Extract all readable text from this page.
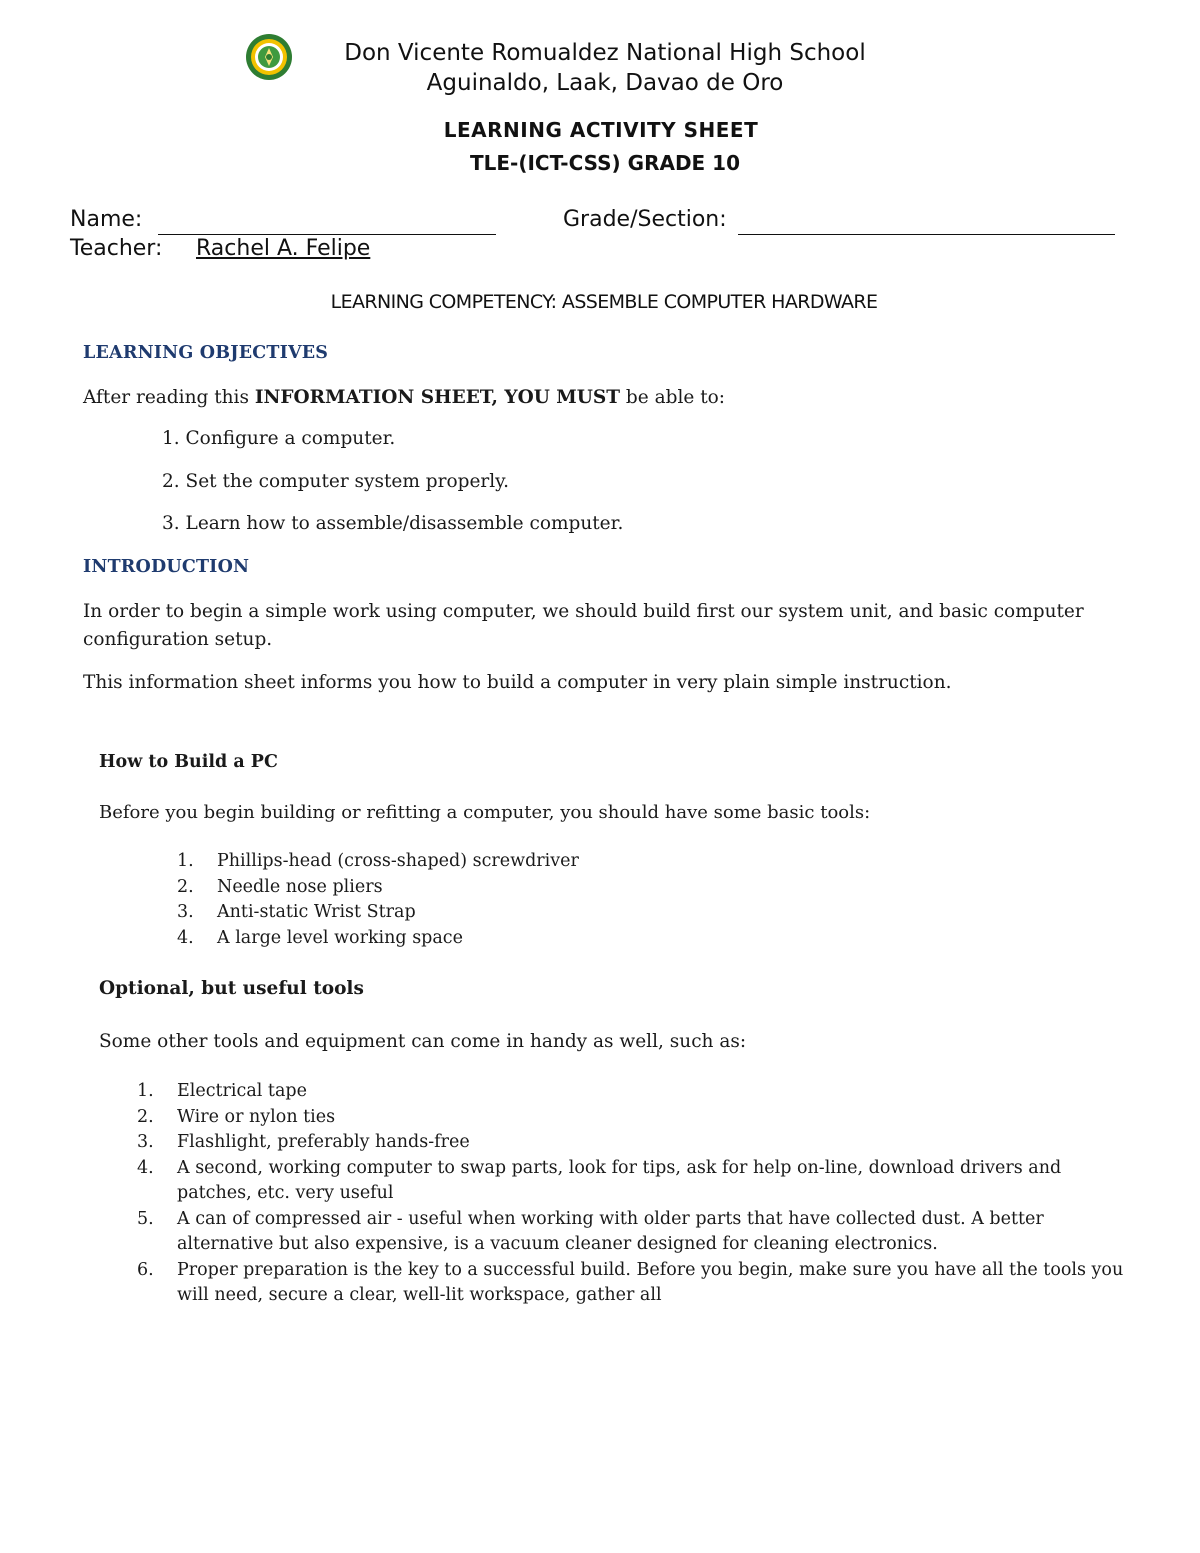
Don Vicente Romualdez National High School
Aguinaldo, Laak, Davao de Oro
LEARNING ACTIVITY SHEET
TLE-(ICT-CSS) GRADE 10
Name:	Grade/Section:
Teacher: Rachel A. Felipe
LEARNING COMPETENCY: ASSEMBLE COMPUTER HARDWARE
LEARNING OBJECTIVES
After reading this INFORMATION SHEET, YOU MUST be able to:
1. Configure a computer.
2. Set the computer system properly.
3. Learn how to assemble/disassemble computer.
INTRODUCTION
In order to begin a simple work using computer, we should build first our system unit, and basic computer configuration setup.
This information sheet informs you how to build a computer in very plain simple instruction.
How to Build a PC
Before you begin building or refitting a computer, you should have some basic tools:
1. Phillips-head (cross-shaped) screwdriver
2. Needle nose pliers
3. Anti-static Wrist Strap
4. A large level working space
Optional, but useful tools
Some other tools and equipment can come in handy as well, such as:
1. Electrical tape
2. Wire or nylon ties
3. Flashlight, preferably hands-free
4. A second, working computer to swap parts, look for tips, ask for help on-line, download drivers and patches, etc. very useful
5. A can of compressed air - useful when working with older parts that have collected dust. A better alternative but also expensive, is a vacuum cleaner designed for cleaning electronics.
6. Proper preparation is the key to a successful build. Before you begin, make sure you have all the tools you will need, secure a clear, well-lit workspace, gather all
